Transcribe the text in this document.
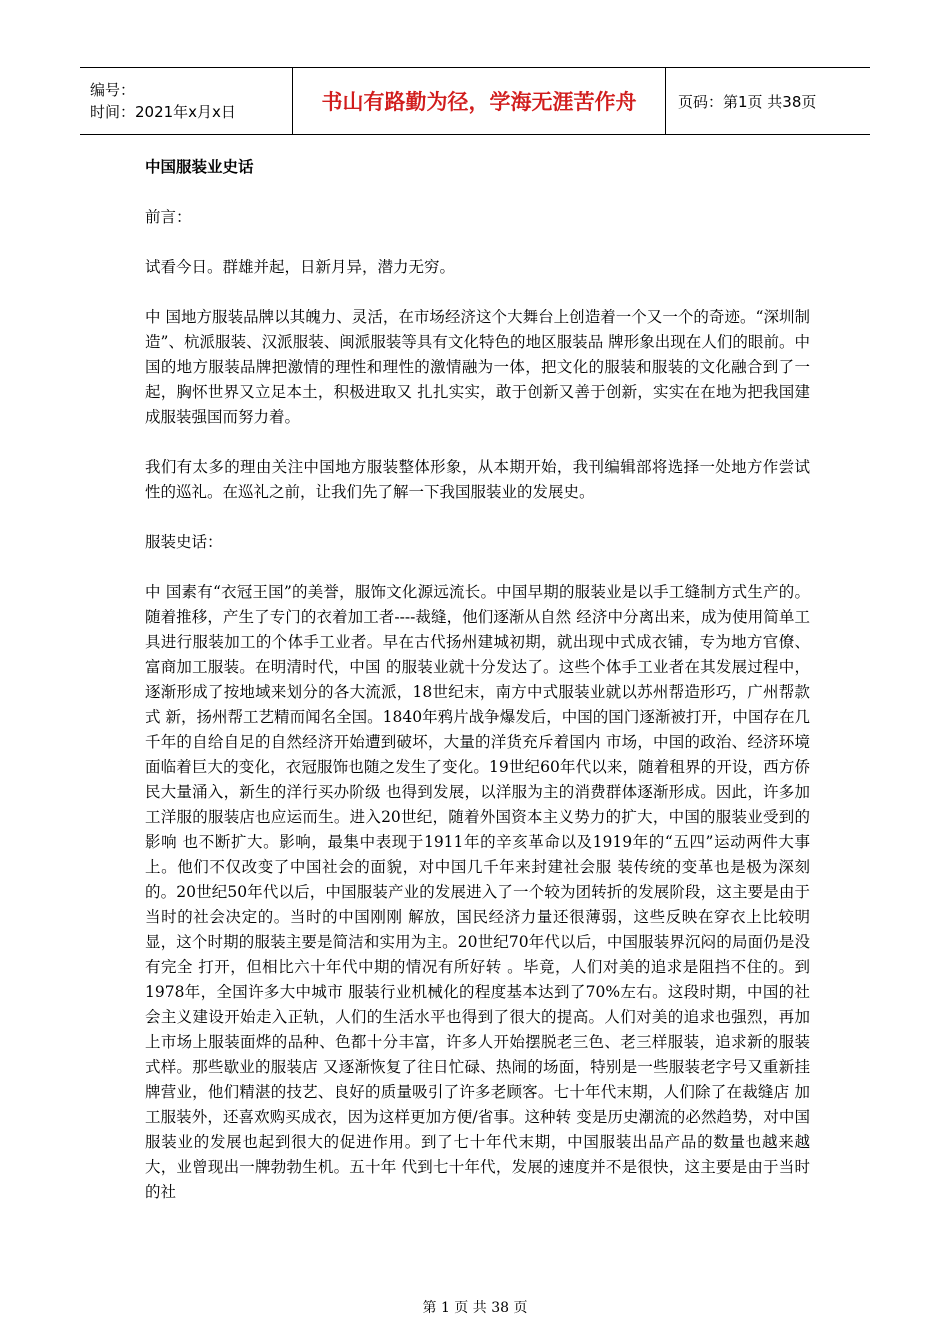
编号：
时间：2021年x月x日	书山有路勤为径，学海无涯苦作舟	页码：第1页 共38页

中国服装业史话

前言：

试看今日。群雄并起，日新月异，潜力无穷。

中 国地方服装品牌以其魄力、灵活，在市场经济这个大舞台上创造着一个又一个的奇迹。“深圳制造”、杭派服装、汉派服装、闽派服装等具有文化特色的地区服装品 牌形象出现在人们的眼前。中国的地方服装品牌把激情的理性和理性的激情融为一体，把文化的服装和服装的文化融合到了一起，胸怀世界又立足本土，积极进取又 扎扎实实，敢于创新又善于创新，实实在在地为把我国建成服装强国而努力着。

我们有太多的理由关注中国地方服装整体形象，从本期开始，我刊编辑部将选择一处地方作尝试性的巡礼。在巡礼之前，让我们先了解一下我国服装业的发展史。

服装史话：

中 国素有“衣冠王国”的美誉，服饰文化源远流长。中国早期的服装业是以手工缝制方式生产的。随着推移，产生了专门的衣着加工者----裁缝，他们逐渐从自然 经济中分离出来，成为使用简单工具进行服装加工的个体手工业者。早在古代扬州建城初期，就出现中式成衣铺，专为地方官僚、富商加工服装。在明清时代，中国 的服装业就十分发达了。这些个体手工业者在其发展过程中，逐渐形成了按地域来划分的各大流派，18世纪末，南方中式服装业就以苏州帮造形巧，广州帮款式 新，扬州帮工艺精而闻名全国。1840年鸦片战争爆发后，中国的国门逐渐被打开，中国存在几千年的自给自足的自然经济开始遭到破坏，大量的洋货充斥着国内 市场，中国的政治、经济环境面临着巨大的变化，衣冠服饰也随之发生了变化。19世纪60年代以来，随着租界的开设，西方侨民大量涌入，新生的洋行买办阶级 也得到发展，以洋服为主的消费群体逐渐形成。因此，许多加工洋服的服装店也应运而生。进入20世纪，随着外国资本主义势力的扩大，中国的服装业受到的影响 也不断扩大。影响，最集中表现于1911年的辛亥革命以及1919年的“五四”运动两件大事上。他们不仅改变了中国社会的面貌，对中国几千年来封建社会服 装传统的变革也是极为深刻的。20世纪50年代以后，中国服装产业的发展进入了一个较为团转折的发展阶段，这主要是由于当时的社会决定的。当时的中国刚刚 解放，国民经济力量还很薄弱，这些反映在穿衣上比较明显，这个时期的服装主要是简洁和实用为主。20世纪70年代以后，中国服装界沉闷的局面仍是没有完全 打开，但相比六十年代中期的情况有所好转 。毕竟，人们对美的追求是阻挡不住的。到1978年，全国许多大中城市 服装行业机械化的程度基本达到了70%左右。这段时期，中国的社会主义建设开始走入正轨，人们的生活水平也得到了很大的提高。人们对美的追求也强烈，再加 上市场上服装面烨的品种、色都十分丰富，许多人开始摆脱老三色、老三样服装，追求新的服装式样。那些歇业的服装店 又逐渐恢复了往日忙碌、热闹的场面，特别是一些服装老字号又重新挂牌营业，他们精湛的技艺、良好的质量吸引了许多老顾客。七十年代末期，人们除了在裁缝店 加工服装外，还喜欢购买成衣，因为这样更加方便/省事。这种转 变是历史潮流的必然趋势，对中国服装业的发展也起到很大的促进作用。到了七十年代末期，中国服装出品产品的数量也越来越大，业曾现出一牌勃勃生机。五十年 代到七十年代，发展的速度并不是很快，这主要是由于当时的社

第 1 页 共 38 页
